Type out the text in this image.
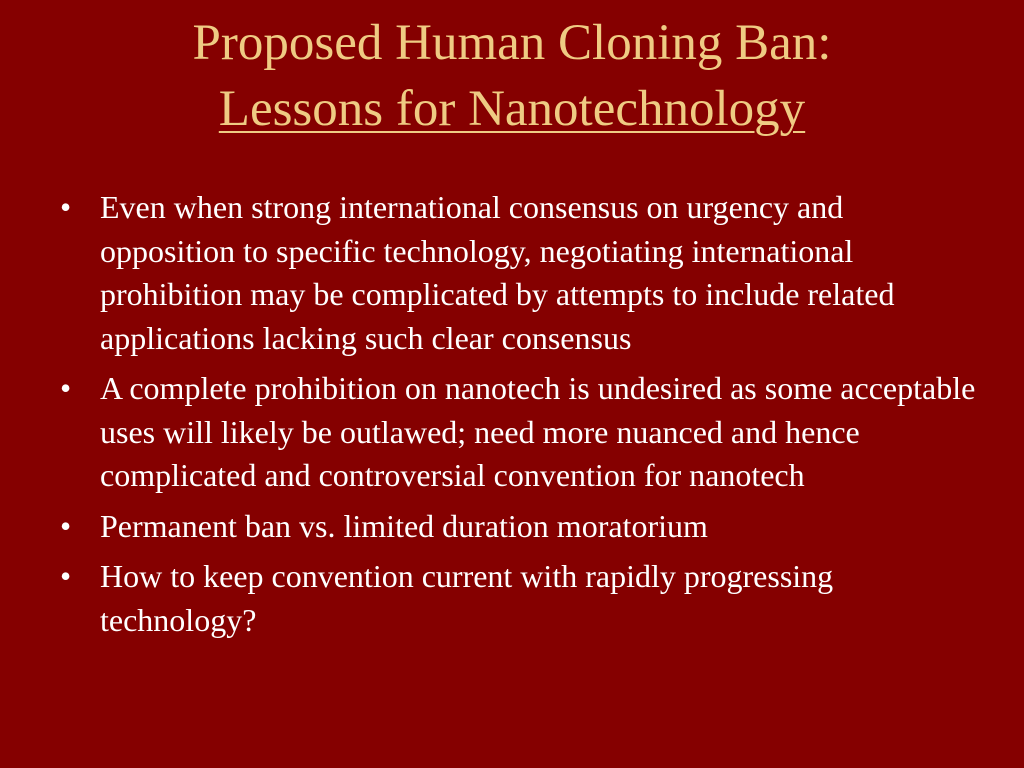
Proposed Human Cloning Ban:
Lessons for Nanotechnology
• Even when strong international consensus on urgency and opposition to specific technology, negotiating international prohibition may be complicated by attempts to include related applications lacking such clear consensus
• A complete prohibition on nanotech is undesired as some acceptable uses will likely be outlawed; need more nuanced and hence complicated and controversial convention for nanotech
• Permanent ban vs. limited duration moratorium
• How to keep convention current with rapidly progressing technology?
